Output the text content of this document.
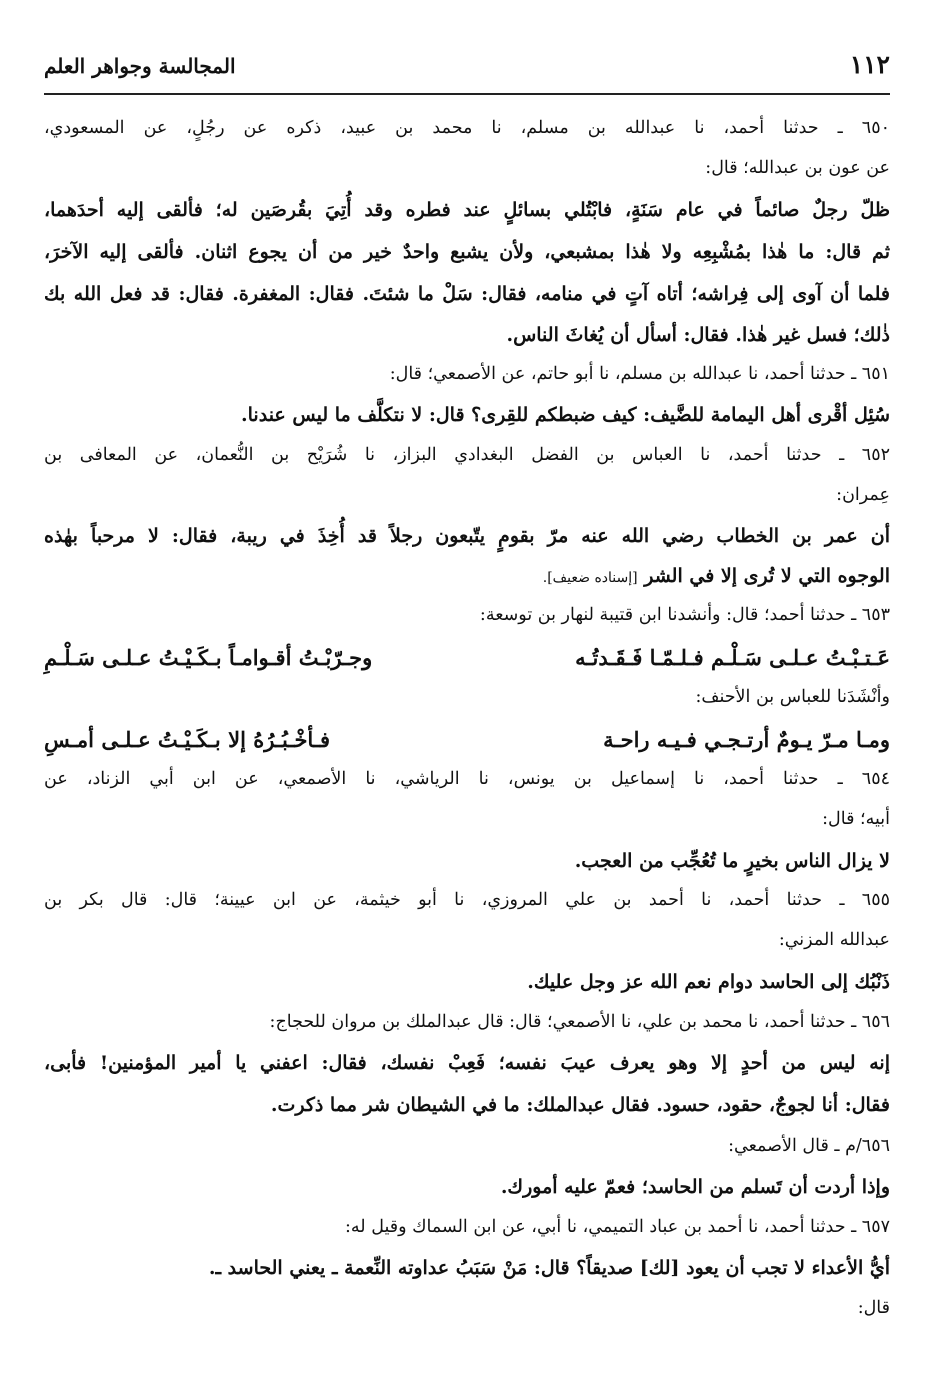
١١٢
المجالسة وجواهر العلم
٦٥٠ ـ حدثنا أحمد، نا عبدالله بن مسلم، نا محمد بن عبيد، ذكره عن رجُلٍ، عن المسعودي،
عن عون بن عبدالله؛ قال:
ظلّ رجلٌ صائماً في عام سَنَةٍ، فابْتُلي بسائلٍ عند فطره وقد أُتِيَ بقُرصَين له؛ فألقى إليه أحدَهما،
ثم قال: ما هٰذا بمُشْبِعِه ولا هٰذا بمشبعي، ولأن يشبع واحدٌ خير من أن يجوع اثنان. فألقى إليه الآخرَ،
فلما أن آوى إلى فِراشه؛ أتاه آتٍ في منامه، فقال: سَلْ ما شئتَ. فقال: المغفرة. فقال: قد فعل الله بك
ذٰلك؛ فسل غير هٰذا. فقال: أسأل أن يُغاثَ الناس.
٦٥١ ـ حدثنا أحمد، نا عبدالله بن مسلم، نا أبو حاتم، عن الأصمعي؛ قال:
سُئِل أقْرى أهل اليمامة للضَّيف: كيف ضبطكم للقِرى؟ قال: لا نتكلَّف ما ليس عندنا.
٦٥٢ ـ حدثنا أحمد، نا العباس بن الفضل البغدادي البزاز، نا شُرَيْح بن النُّعمان، عن المعافى بن
عِمران:
أن عمر بن الخطاب رضي الله عنه مرّ بقومٍ يتّبعون رجلاً قد أُخِذَ في ريبة، فقال: لا مرحباً بهٰذه
الوجوه التي لا تُرى إلا في الشر [إسناده ضعيف].
٦٥٣ ـ حدثنا أحمد؛ قال: وأنشدنا ابن قتيبة لنهار بن توسعة:
عَـتـبْـتُ عـلـى سَـلْـم فـلـمّـا فَـقَـدتُـه
وجـرّبْـتُ أقـوامـاً بـكَـيْـتُ عـلـى سَـلْـمِ
وأنْشَدَنا للعباس بن الأحنف:
ومـا مـرّ يـومٌ أرتـجـي فـيـه راحـة
فـأخْـبُـرُهُ إلا بـكَـيْـتُ عـلـى أمـسِ
٦٥٤ ـ حدثنا أحمد، نا إسماعيل بن يونس، نا الرياشي، نا الأصمعي، عن ابن أبي الزناد، عن
أبيه؛ قال:
لا يزال الناس بخيرٍ ما تُعُجِّب من العجب.
٦٥٥ ـ حدثنا أحمد، نا أحمد بن علي المروزي، نا أبو خيثمة، عن ابن عيينة؛ قال: قال بكر بن
عبدالله المزني:
ذَنْبُك إلى الحاسد دوام نعم الله عز وجل عليك.
٦٥٦ ـ حدثنا أحمد، نا محمد بن علي، نا الأصمعي؛ قال: قال عبدالملك بن مروان للحجاج:
إنه ليس من أحدٍ إلا وهو يعرف عيبَ نفسه؛ فَعِبْ نفسك، فقال: اعفني يا أمير المؤمنين! فأبى،
فقال: أنا لجوجٌ، حقود، حسود. فقال عبدالملك: ما في الشيطان شر مما ذكرت.
٦٥٦/م ـ قال الأصمعي:
وإذا أردت أن تَسلم من الحاسد؛ فعمّ عليه أمورك.
٦٥٧ ـ حدثنا أحمد، نا أحمد بن عباد التميمي، نا أبي، عن ابن السماك وقيل له:
أيُّ الأعداء لا تجب أن يعود [لك] صديقاً؟ قال: مَنْ سَبَبُ عداوته النِّعمة ـ يعني الحاسد ـ.
قال:
